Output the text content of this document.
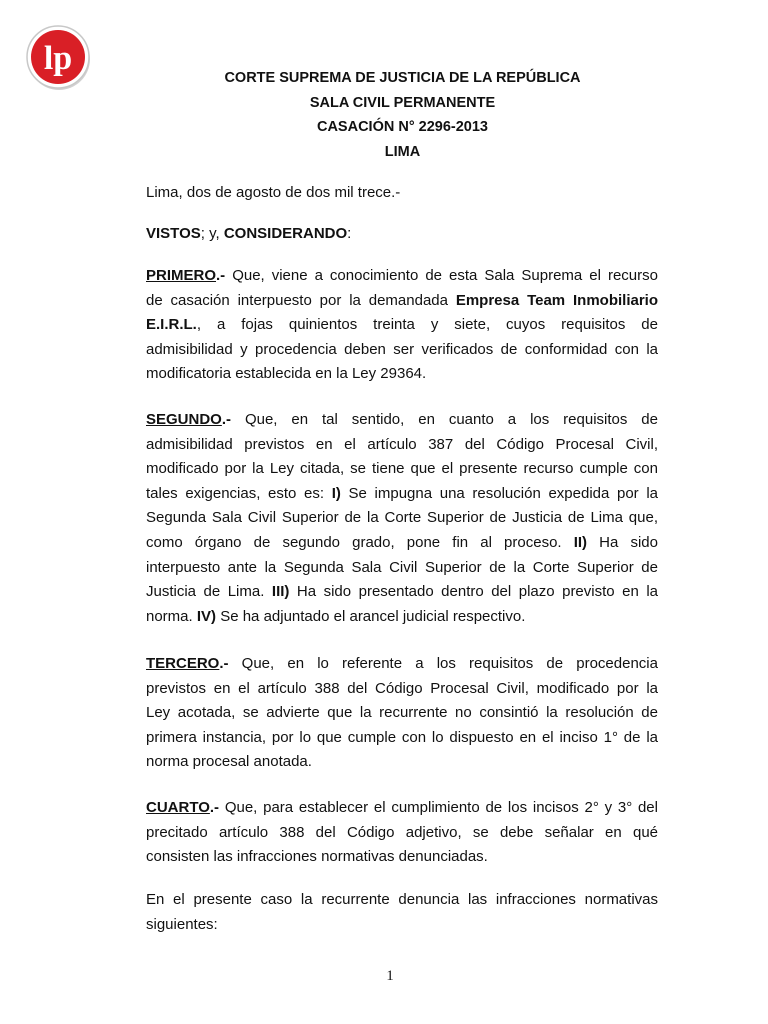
lp
CORTE SUPREMA DE JUSTICIA DE LA REPÚBLICA
SALA CIVIL PERMANENTE
CASACIÓN N° 2296-2013
LIMA
Lima, dos de agosto de dos mil trece.-
VISTOS; y, CONSIDERANDO:
PRIMERO.- Que, viene a conocimiento de esta Sala Suprema el recurso
de casación interpuesto por la demandada Empresa Team Inmobiliario
E.I.R.L., a fojas quinientos treinta y siete, cuyos requisitos de
admisibilidad y procedencia deben ser verificados de conformidad con la
modificatoria establecida en la Ley 29364.
SEGUNDO.- Que, en tal sentido, en cuanto a los requisitos de
admisibilidad previstos en el artículo 387 del Código Procesal Civil,
modificado por la Ley citada, se tiene que el presente recurso cumple con
tales exigencias, esto es: I) Se impugna una resolución expedida por la
Segunda Sala Civil Superior de la Corte Superior de Justicia de Lima que,
como órgano de segundo grado, pone fin al proceso. II) Ha sido
interpuesto ante la Segunda Sala Civil Superior de la Corte Superior de
Justicia de Lima. III) Ha sido presentado dentro del plazo previsto en la
norma. IV) Se ha adjuntado el arancel judicial respectivo.
TERCERO.- Que, en lo referente a los requisitos de procedencia
previstos en el artículo 388 del Código Procesal Civil, modificado por la
Ley acotada, se advierte que la recurrente no consintió la resolución de
primera instancia, por lo que cumple con lo dispuesto en el inciso 1° de la
norma procesal anotada.
CUARTO.- Que, para establecer el cumplimiento de los incisos 2° y 3° del
precitado artículo 388 del Código adjetivo, se debe señalar en qué
consisten las infracciones normativas denunciadas.
En el presente caso la recurrente denuncia las infracciones normativas
siguientes:
1
